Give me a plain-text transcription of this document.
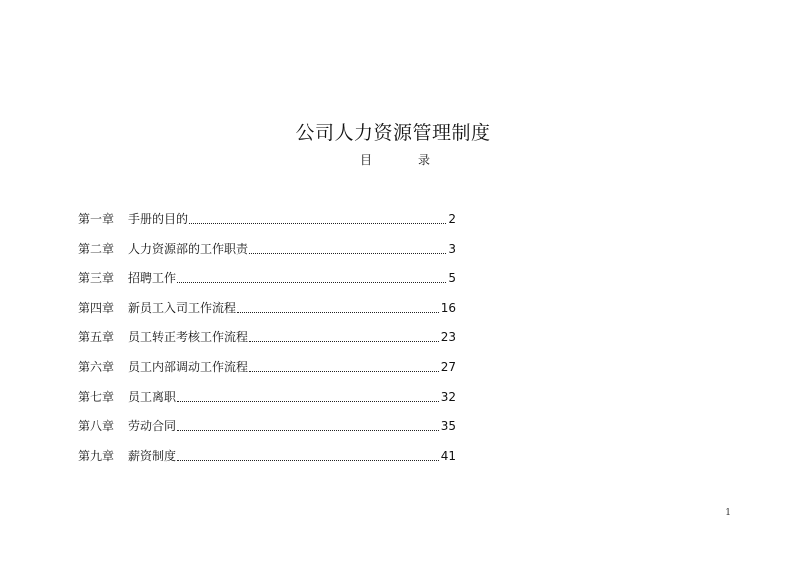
公司人力资源管理制度
目	录
第一章	手册的目的	2
第二章	人力资源部的工作职责	3
第三章	招聘工作	5
第四章	新员工入司工作流程	16
第五章	员工转正考核工作流程	23
第六章	员工内部调动工作流程	27
第七章	员工离职	32
第八章	劳动合同	35
第九章	薪资制度	41
1
